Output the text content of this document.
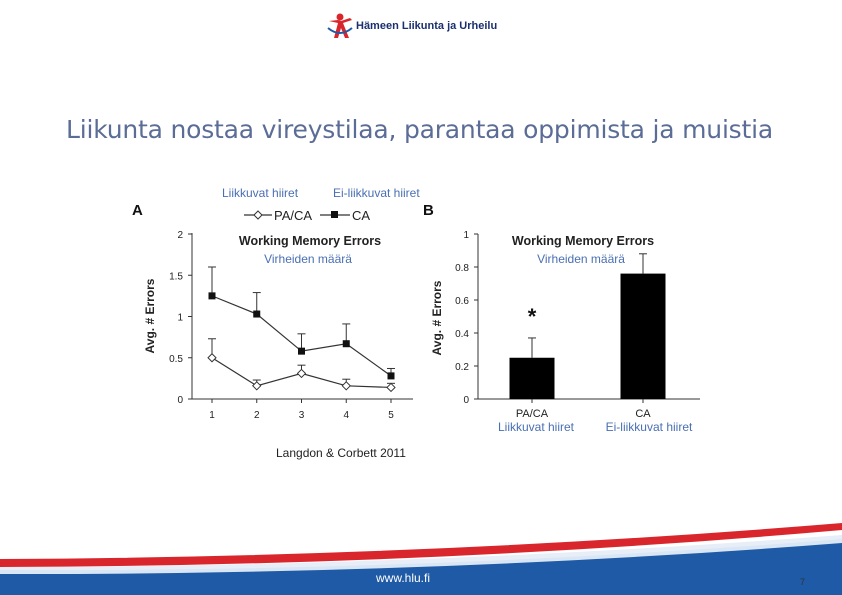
Hämeen Liikunta ja Urheilu
Liikunta nostaa vireystilaa, parantaa oppimista ja muistia
Liikkuvat hiiret	Ei-liikkuvat hiiret
PA/CA	CA
A	B
Working Memory Errors
Virheiden määrä
Avg. # Errors
0
0.5
1
1.5
2
1	2	3	4	5
Working Memory Errors
Virheiden määrä
Avg. # Errors
0
0.2
0.4
0.6
0.8
1
PA/CA	CA
*
Liikkuvat hiiret	Ei-liikkuvat hiiret
Langdon & Corbett 2011
www.hlu.fi	7
